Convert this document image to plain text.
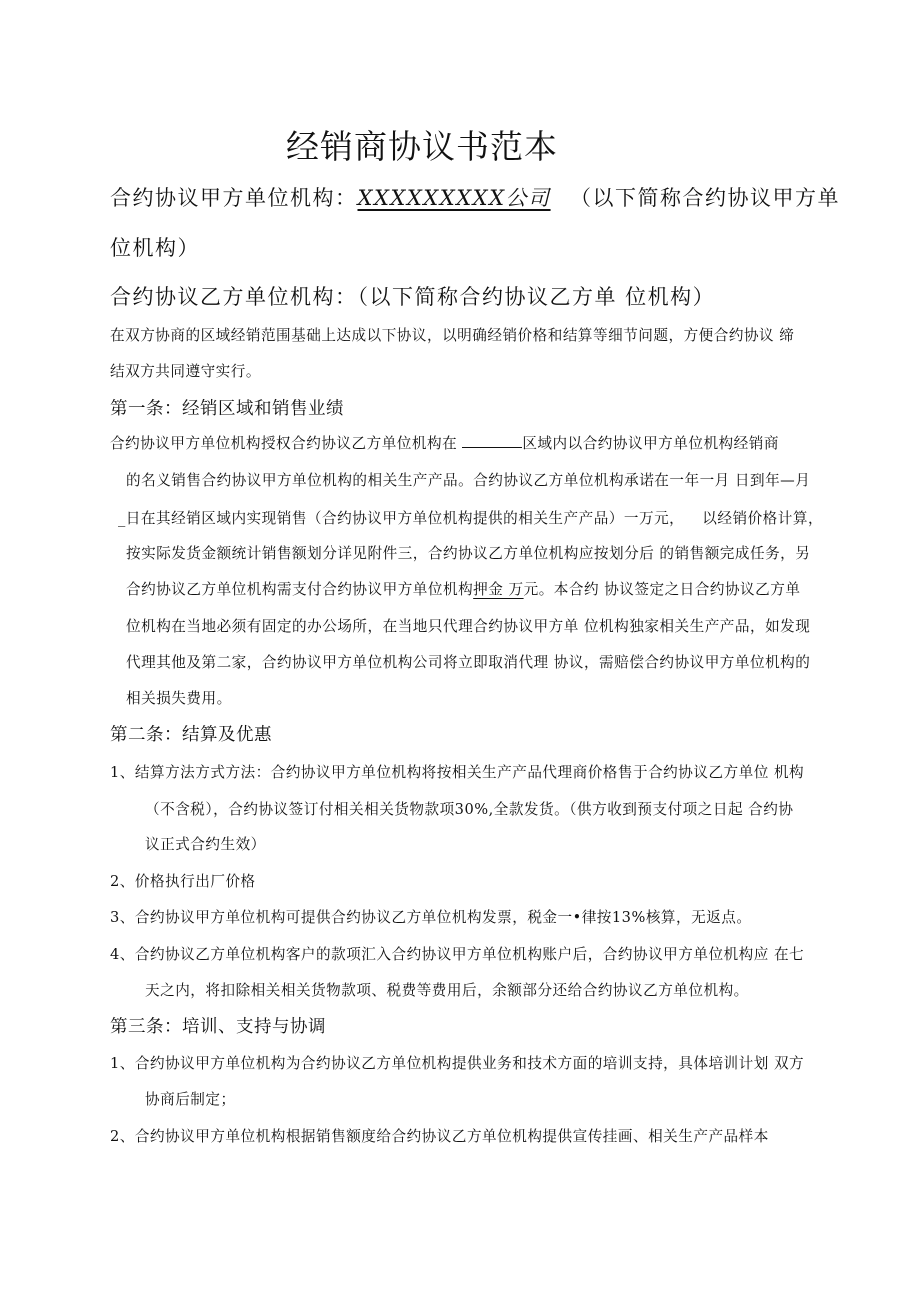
经销商协议书范本
合约协议甲方单位机构：XXXXXXXXX公司 （以下简称合约协议甲方单
位机构）
合约协议乙方单位机构：（以下简称合约协议乙方单 位机构）
在双方协商的区域经销范围基础上达成以下协议，以明确经销价格和结算等细节问题，方便合约协议 缔
结双方共同遵守实行。
第一条：经销区域和销售业绩
合约协议甲方单位机构授权合约协议乙方单位机构在	区域内以合约协议甲方单位机构经销商
的名义销售合约协议甲方单位机构的相关生产产品。合约协议乙方单位机构承诺在一年一月 日到年—月
_日在其经销区域内实现销售（合约协议甲方单位机构提供的相关生产产品）一万元， 以经销价格计算，
按实际发货金额统计销售额划分详见附件三，合约协议乙方单位机构应按划分后 的销售额完成任务，另
合约协议乙方单位机构需支付合约协议甲方单位机构押金 万元。本合约 协议签定之日合约协议乙方单
位机构在当地必须有固定的办公场所，在当地只代理合约协议甲方单 位机构独家相关生产产品，如发现
代理其他及第二家，合约协议甲方单位机构公司将立即取消代理 协议，需赔偿合约协议甲方单位机构的
相关损失费用。
第二条：结算及优惠
1、结算方法方式方法：合约协议甲方单位机构将按相关生产产品代理商价格售于合约协议乙方单位 机构
（不含税），合约协议签订付相关相关货物款项30%,全款发货。（供方收到预支付项之日起 合约协
议正式合约生效）
2、价格执行出厂价格
3、合约协议甲方单位机构可提供合约协议乙方单位机构发票，税金一•律按13%核算，无返点。
4、合约协议乙方单位机构客户的款项汇入合约协议甲方单位机构账户后，合约协议甲方单位机构应 在七
天之内，将扣除相关相关货物款项、税费等费用后，余额部分还给合约协议乙方单位机构。
第三条：培训、支持与协调
1、合约协议甲方单位机构为合约协议乙方单位机构提供业务和技术方面的培训支持，具体培训计划 双方
协商后制定；
2、合约协议甲方单位机构根据销售额度给合约协议乙方单位机构提供宣传挂画、相关生产产品样本
